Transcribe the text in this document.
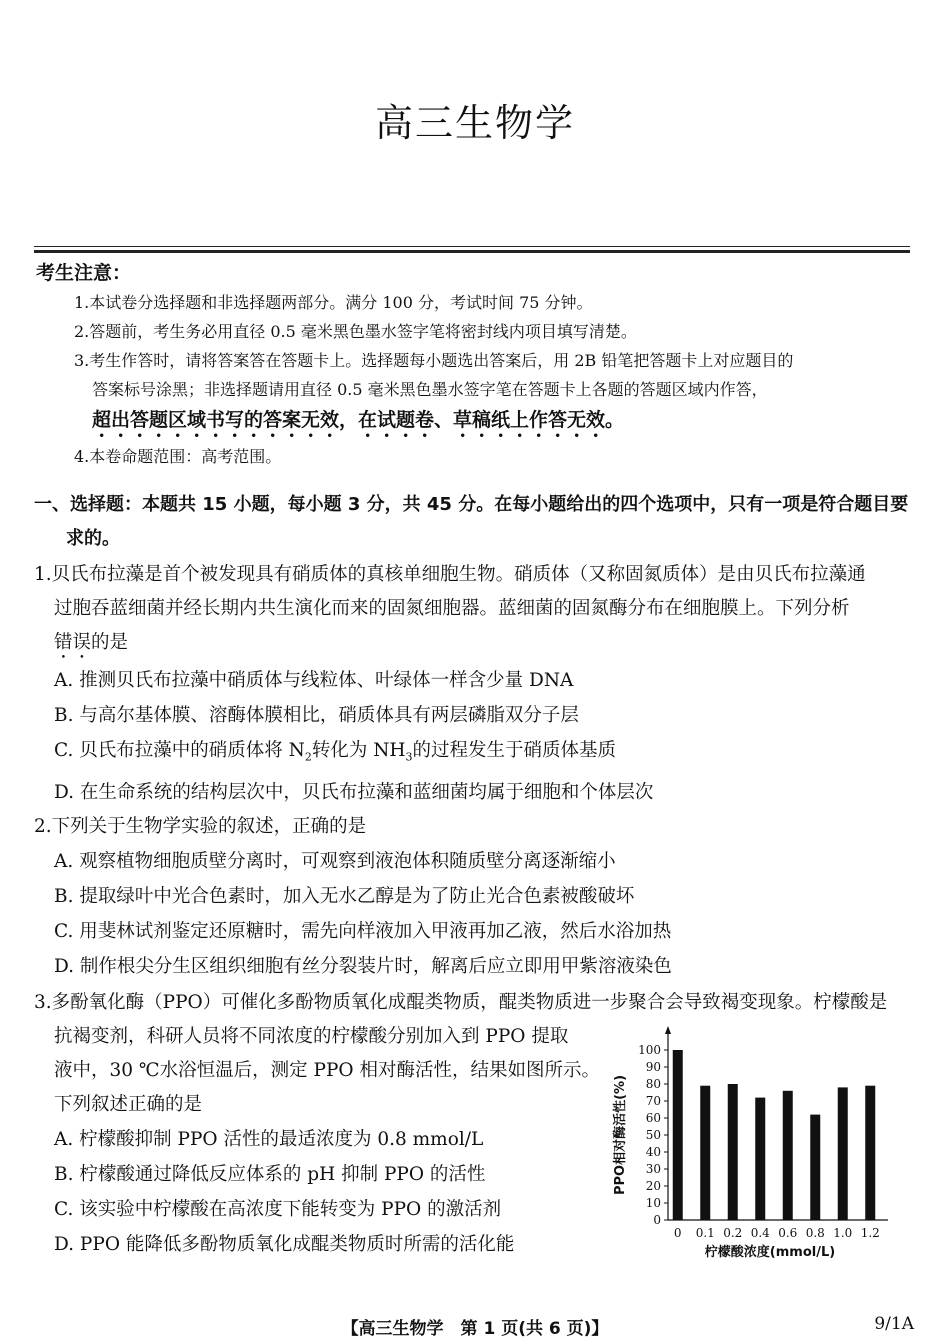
高三生物学
考生注意：
1.本试卷分选择题和非选择题两部分。满分 100 分，考试时间 75 分钟。
2.答题前，考生务必用直径 0.5 毫米黑色墨水签字笔将密封线内项目填写清楚。
3.考生作答时，请将答案答在答题卡上。选择题每小题选出答案后，用 2B 铅笔把答题卡上对应题目的
答案标号涂黑；非选择题请用直径 0.5 毫米黑色墨水签字笔在答题卡上各题的答题区域内作答，
超出答题区域书写的答案无效，在试题卷、草稿纸上作答无效。
4.本卷命题范围：高考范围。
一、选择题：本题共 15 小题，每小题 3 分，共 45 分。在每小题给出的四个选项中，只有一项是符合题目要
求的。
1.贝氏布拉藻是首个被发现具有硝质体的真核单细胞生物。硝质体（又称固氮质体）是由贝氏布拉藻通
过胞吞蓝细菌并经长期内共生演化而来的固氮细胞器。蓝细菌的固氮酶分布在细胞膜上。下列分析
错误的是
A. 推测贝氏布拉藻中硝质体与线粒体、叶绿体一样含少量 DNA
B. 与高尔基体膜、溶酶体膜相比，硝质体具有两层磷脂双分子层
C. 贝氏布拉藻中的硝质体将 $N_2$转化为 $NH_3$的过程发生于硝质体基质
D. 在生命系统的结构层次中，贝氏布拉藻和蓝细菌均属于细胞和个体层次
2.下列关于生物学实验的叙述，正确的是
A. 观察植物细胞质壁分离时，可观察到液泡体积随质壁分离逐渐缩小
B. 提取绿叶中光合色素时，加入无水乙醇是为了防止光合色素被酸破坏
C. 用斐林试剂鉴定还原糖时，需先向样液加入甲液再加乙液，然后水浴加热
D. 制作根尖分生区组织细胞有丝分裂装片时，解离后应立即用甲紫溶液染色
3.多酚氧化酶（PPO）可催化多酚物质氧化成醌类物质，醌类物质进一步聚合会导致褐变现象。柠檬酸是
抗褐变剂，科研人员将不同浓度的柠檬酸分别加入到 PPO 提取
液中，30 ℃水浴恒温后，测定 PPO 相对酶活性，结果如图所示。
下列叙述正确的是
A. 柠檬酸抑制 PPO 活性的最适浓度为 0.8 mmol/L
B. 柠檬酸通过降低反应体系的 pH 抑制 PPO 的活性
C. 该实验中柠檬酸在高浓度下能转变为 PPO 的激活剂
D. PPO 能降低多酚物质氧化成醌类物质时所需的活化能
0
10
20
30
40
50
60
70
80
90
100
0 0.1 0.2 0.4 0.6 0.8 1.0 1.2
柠檬酸浓度(mmol/L)
PPO相对酶活性(%)
【高三生物学　第 1 页(共 6 页)】	9/1A
